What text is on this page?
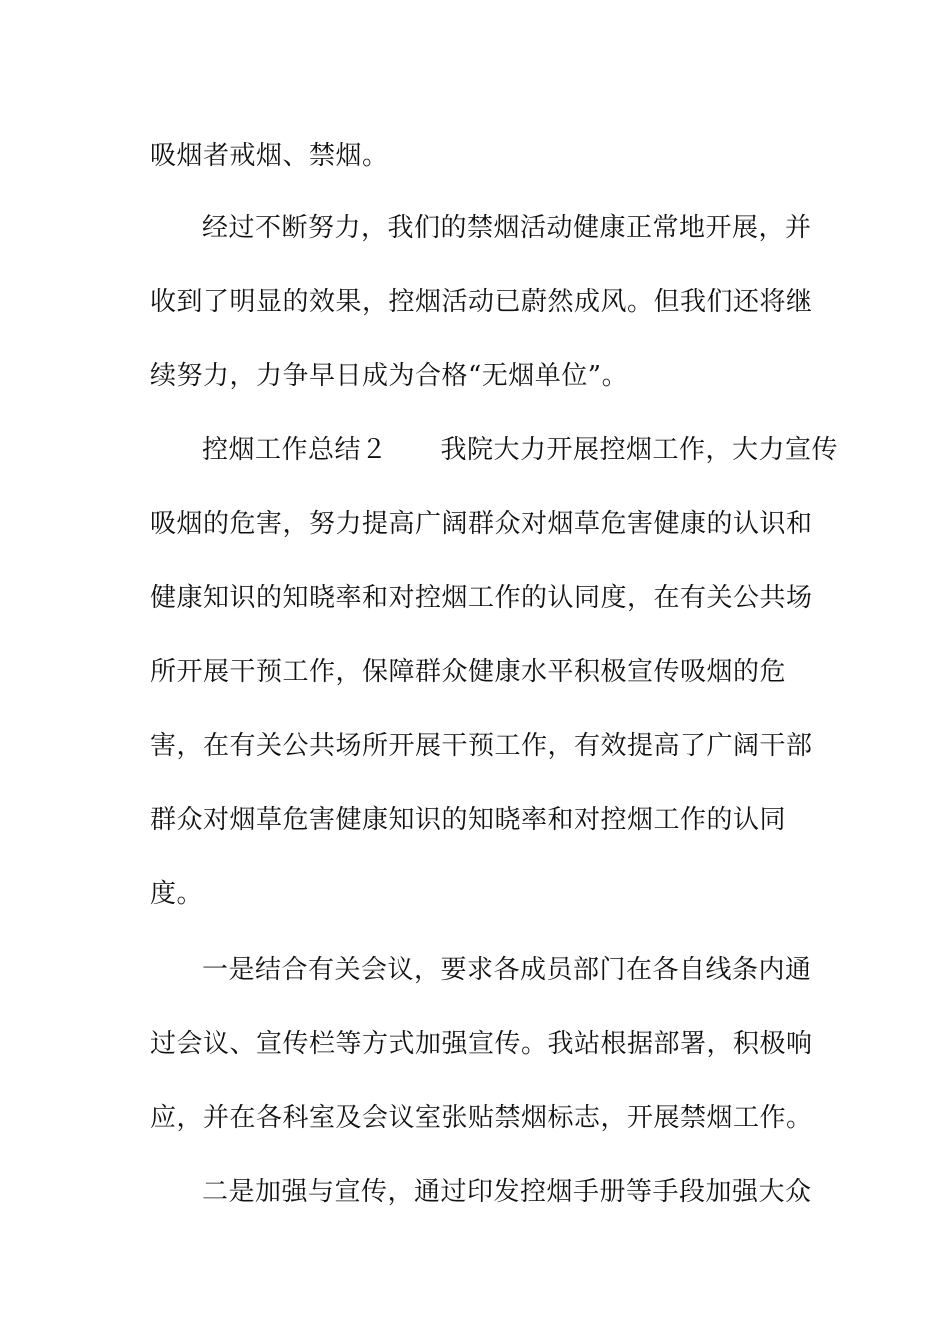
吸烟者戒烟、禁烟。
经过不断努力，我们的禁烟活动健康正常地开展，并
收到了明显的效果，控烟活动已蔚然成风。但我们还将继
续努力，力争早日成为合格“无烟单位”。
控烟工作总结２　　我院大力开展控烟工作，大力宣传
吸烟的危害，努力提高广阔群众对烟草危害健康的认识和
健康知识的知晓率和对控烟工作的认同度，在有关公共场
所开展干预工作，保障群众健康水平积极宣传吸烟的危
害，在有关公共场所开展干预工作，有效提高了广阔干部
群众对烟草危害健康知识的知晓率和对控烟工作的认同
度。
一是结合有关会议，要求各成员部门在各自线条内通
过会议、宣传栏等方式加强宣传。我站根据部署，积极响
应，并在各科室及会议室张贴禁烟标志，开展禁烟工作。
二是加强与宣传，通过印发控烟手册等手段加强大众
